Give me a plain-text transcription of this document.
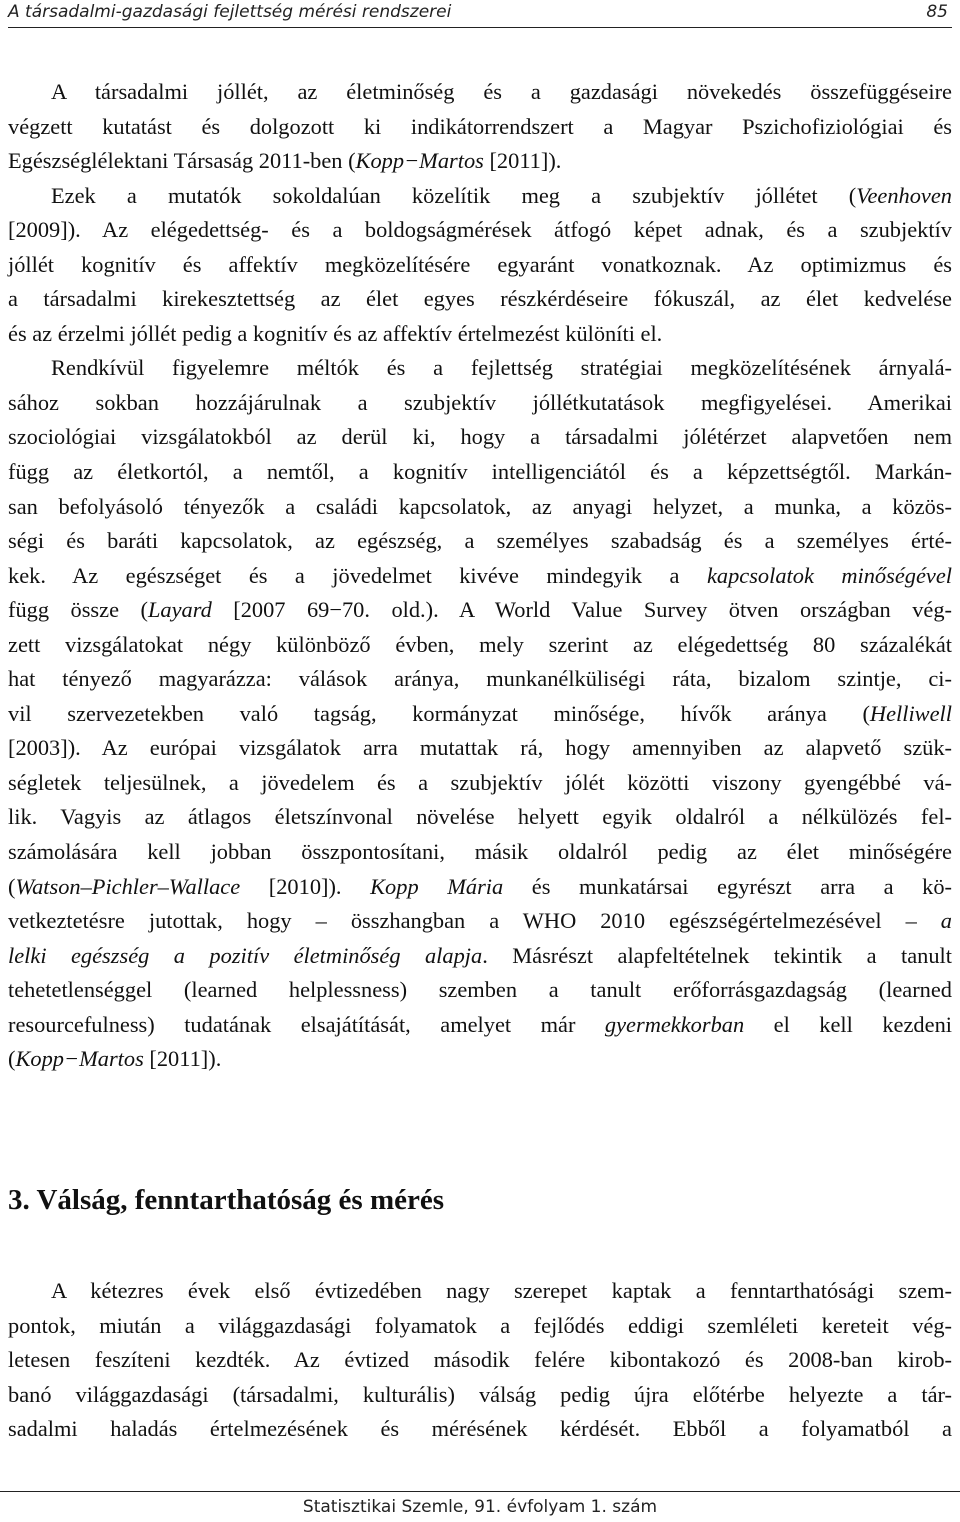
A társadalmi-gazdasági fejlettség mérési rendszerei	85
A társadalmi jóllét, az életminőség és a gazdasági növekedés összefüggéseire
végzett kutatást és dolgozott ki indikátorrendszert a Magyar Pszichofiziológiai és
Egészséglélektani Társaság 2011-ben (Kopp−Martos [2011]).
Ezek a mutatók sokoldalúan közelítik meg a szubjektív jóllétet (Veenhoven
[2009]). Az elégedettség- és a boldogságmérések átfogó képet adnak, és a szubjektív
jóllét kognitív és affektív megközelítésére egyaránt vonatkoznak. Az optimizmus és
a társadalmi kirekesztettség az élet egyes részkérdéseire fókuszál, az élet kedvelése
és az érzelmi jóllét pedig a kognitív és az affektív értelmezést különíti el.
Rendkívül figyelemre méltók és a fejlettség stratégiai megközelítésének árnyalá-
sához sokban hozzájárulnak a szubjektív jóllétkutatások megfigyelései. Amerikai
szociológiai vizsgálatokból az derül ki, hogy a társadalmi jólétérzet alapvetően nem
függ az életkortól, a nemtől, a kognitív intelligenciától és a képzettségtől. Markán-
san befolyásoló tényezők a családi kapcsolatok, az anyagi helyzet, a munka, a közös-
ségi és baráti kapcsolatok, az egészség, a személyes szabadság és a személyes érté-
kek. Az egészséget és a jövedelmet kivéve mindegyik a kapcsolatok minőségével
függ össze (Layard [2007 69−70. old.). A World Value Survey ötven országban vég-
zett vizsgálatokat négy különböző évben, mely szerint az elégedettség 80 százalékát
hat tényező magyarázza: válások aránya, munkanélküliségi ráta, bizalom szintje, ci-
vil szervezetekben való tagság, kormányzat minősége, hívők aránya (Helliwell
[2003]). Az európai vizsgálatok arra mutattak rá, hogy amennyiben az alapvető szük-
ségletek teljesülnek, a jövedelem és a szubjektív jólét közötti viszony gyengébbé vá-
lik. Vagyis az átlagos életszínvonal növelése helyett egyik oldalról a nélkülözés fel-
számolására kell jobban összpontosítani, másik oldalról pedig az élet minőségére
(Watson–Pichler–Wallace [2010]). Kopp Mária és munkatársai egyrészt arra a kö-
vetkeztetésre jutottak, hogy – összhangban a WHO 2010 egészségértelmezésével – a
lelki egészség a pozitív életminőség alapja. Másrészt alapfeltételnek tekintik a tanult
tehetetlenséggel (learned helplessness) szemben a tanult erőforrásgazdagság (learned
resourcefulness) tudatának elsajátítását, amelyet már gyermekkorban el kell kezdeni
(Kopp−Martos [2011]).
3. Válság, fenntarthatóság és mérés
A kétezres évek első évtizedében nagy szerepet kaptak a fenntarthatósági szem-
pontok, miután a világgazdasági folyamatok a fejlődés eddigi szemléleti kereteit vég-
letesen feszíteni kezdték. Az évtized második felére kibontakozó és 2008-ban kirob-
banó világgazdasági (társadalmi, kulturális) válság pedig újra előtérbe helyezte a tár-
sadalmi haladás értelmezésének és mérésének kérdését. Ebből a folyamatból a
Statisztikai Szemle, 91. évfolyam 1. szám
